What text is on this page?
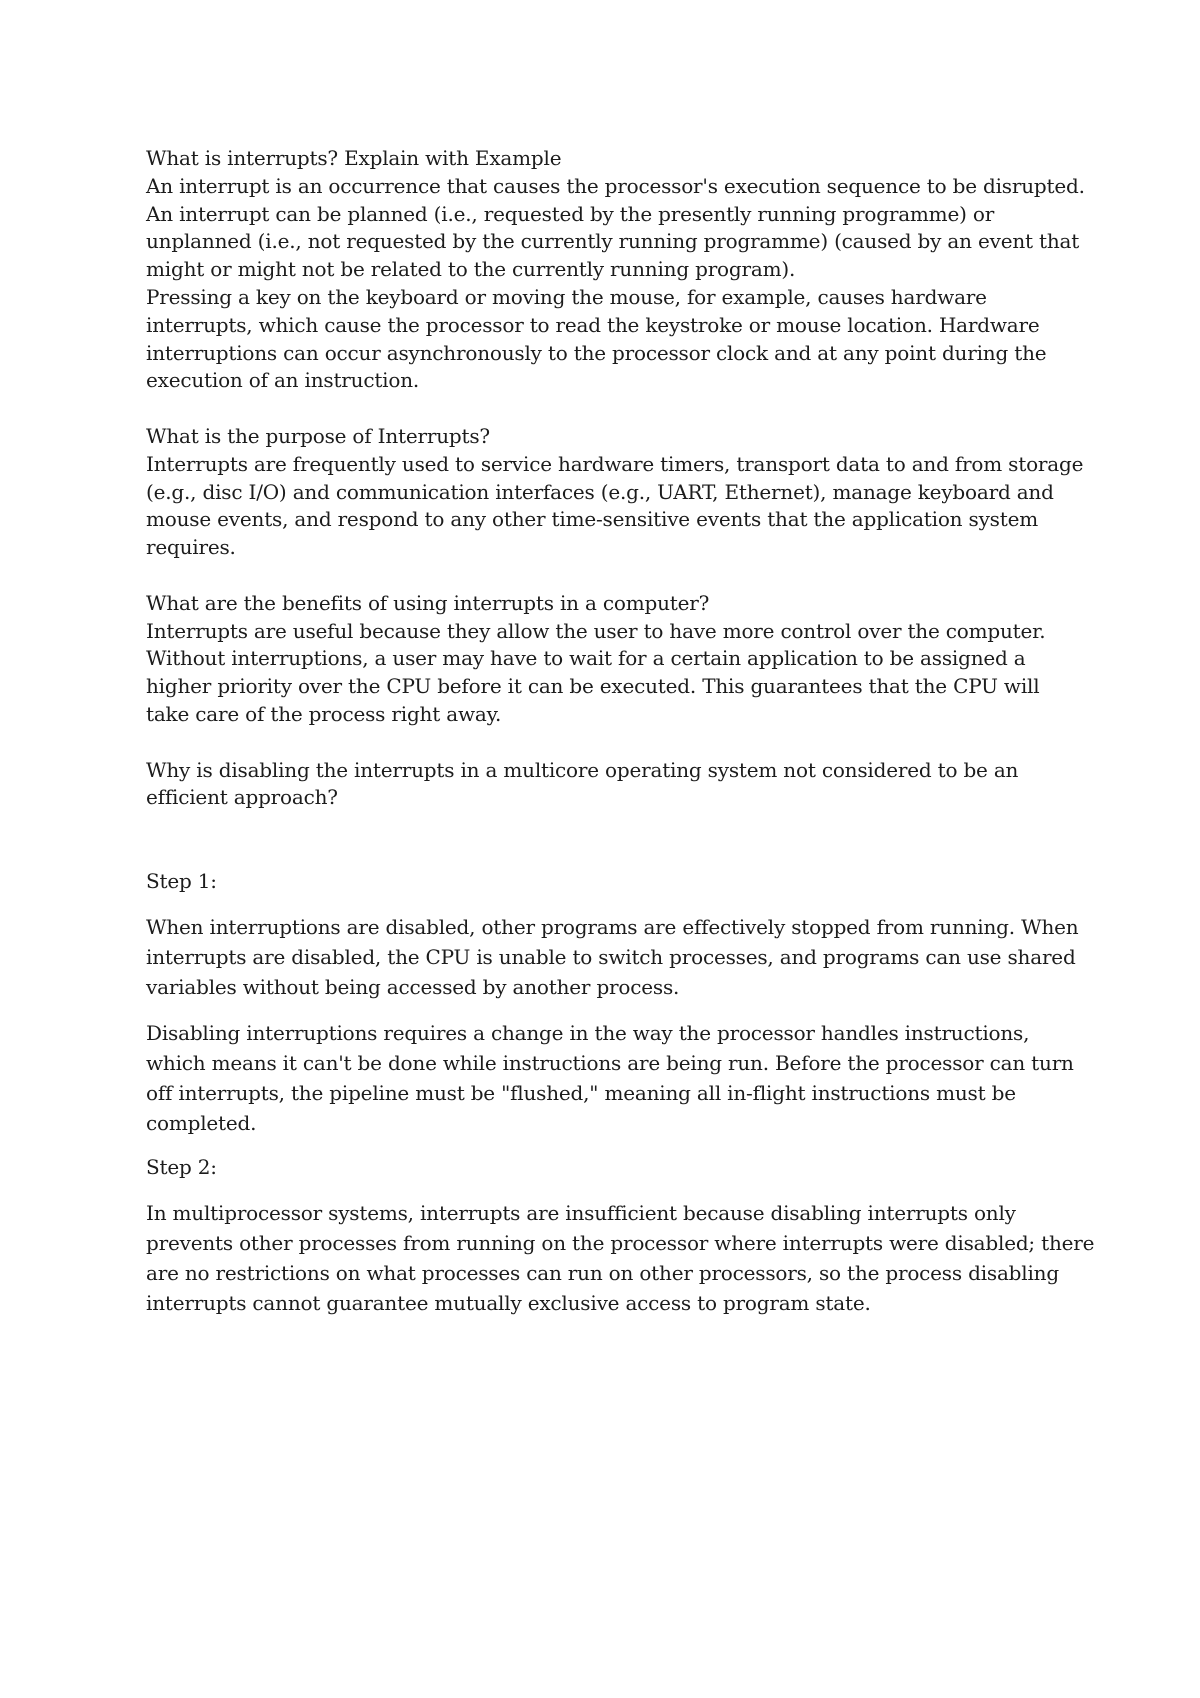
What is interrupts? Explain with Example
An interrupt is an occurrence that causes the processor's execution sequence to be disrupted.
An interrupt can be planned (i.e., requested by the presently running programme) or
unplanned (i.e., not requested by the currently running programme) (caused by an event that
might or might not be related to the currently running program).
Pressing a key on the keyboard or moving the mouse, for example, causes hardware
interrupts, which cause the processor to read the keystroke or mouse location. Hardware
interruptions can occur asynchronously to the processor clock and at any point during the
execution of an instruction.
What is the purpose of Interrupts?
Interrupts are frequently used to service hardware timers, transport data to and from storage
(e.g., disc I/O) and communication interfaces (e.g., UART, Ethernet), manage keyboard and
mouse events, and respond to any other time-sensitive events that the application system
requires.
What are the benefits of using interrupts in a computer?
Interrupts are useful because they allow the user to have more control over the computer.
Without interruptions, a user may have to wait for a certain application to be assigned a
higher priority over the CPU before it can be executed. This guarantees that the CPU will
take care of the process right away.
Why is disabling the interrupts in a multicore operating system not considered to be an
efficient approach?
Step 1:
When interruptions are disabled, other programs are effectively stopped from running. When
interrupts are disabled, the CPU is unable to switch processes, and programs can use shared
variables without being accessed by another process.
Disabling interruptions requires a change in the way the processor handles instructions,
which means it can't be done while instructions are being run. Before the processor can turn
off interrupts, the pipeline must be "flushed," meaning all in-flight instructions must be
completed.
Step 2:
In multiprocessor systems, interrupts are insufficient because disabling interrupts only
prevents other processes from running on the processor where interrupts were disabled; there
are no restrictions on what processes can run on other processors, so the process disabling
interrupts cannot guarantee mutually exclusive access to program state.
